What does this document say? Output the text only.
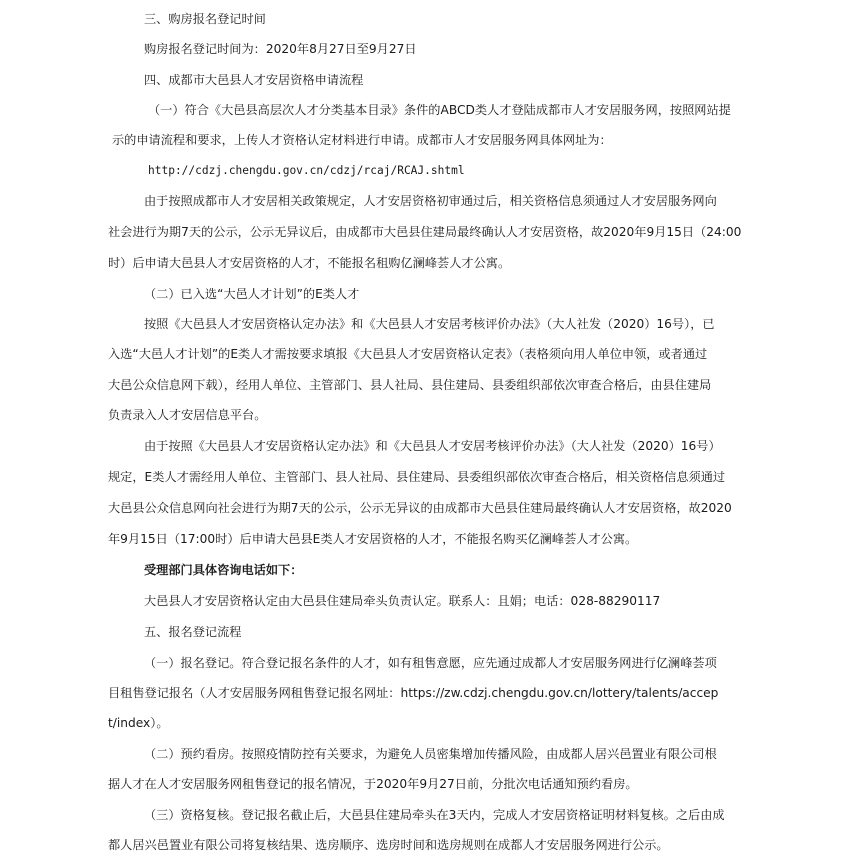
三、购房报名登记时间
购房报名登记时间为：2020年8月27日至9月27日
四、成都市大邑县人才安居资格申请流程
（一）符合《大邑县高层次人才分类基本目录》条件的ABCD类人才登陆成都市人才安居服务网，按照网站提
示的申请流程和要求，上传人才资格认定材料进行申请。成都市人才安居服务网具体网址为：
http://cdzj.chengdu.gov.cn/cdzj/rcaj/RCAJ.shtml
由于按照成都市人才安居相关政策规定，人才安居资格初审通过后，相关资格信息须通过人才安居服务网向
社会进行为期7天的公示，公示无异议后，由成都市大邑县住建局最终确认人才安居资格，故2020年9月15日（24:00
时）后申请大邑县人才安居资格的人才，不能报名租购亿澜峰荟人才公寓。
（二）已入选“大邑人才计划”的E类人才
按照《大邑县人才安居资格认定办法》和《大邑县人才安居考核评价办法》（大人社发（2020）16号），已
入选“大邑人才计划”的E类人才需按要求填报《大邑县人才安居资格认定表》（表格须向用人单位申领，或者通过
大邑公众信息网下载），经用人单位、主管部门、县人社局、县住建局、县委组织部依次审查合格后，由县住建局
负责录入人才安居信息平台。
由于按照《大邑县人才安居资格认定办法》和《大邑县人才安居考核评价办法》（大人社发（2020）16号）
规定，E类人才需经用人单位、主管部门、县人社局、县住建局、县委组织部依次审查合格后，相关资格信息须通过
大邑县公众信息网向社会进行为期7天的公示，公示无异议的由成都市大邑县住建局最终确认人才安居资格，故2020
年9月15日（17:00时）后申请大邑县E类人才安居资格的人才，不能报名购买亿澜峰荟人才公寓。
受理部门具体咨询电话如下：
大邑县人才安居资格认定由大邑县住建局牵头负责认定。联系人：且娟；电话：028-88290117
五、报名登记流程
（一）报名登记。符合登记报名条件的人才，如有租售意愿，应先通过成都人才安居服务网进行亿澜峰荟项
目租售登记报名（人才安居服务网租售登记报名网址：https://zw.cdzj.chengdu.gov.cn/lottery/talents/accep
t/index）。
（二）预约看房。按照疫情防控有关要求，为避免人员密集增加传播风险，由成都人居兴邑置业有限公司根
据人才在人才安居服务网租售登记的报名情况，于2020年9月27日前，分批次电话通知预约看房。
（三）资格复核。登记报名截止后，大邑县住建局牵头在3天内，完成人才安居资格证明材料复核。之后由成
都人居兴邑置业有限公司将复核结果、选房顺序、选房时间和选房规则在成都人才安居服务网进行公示。
